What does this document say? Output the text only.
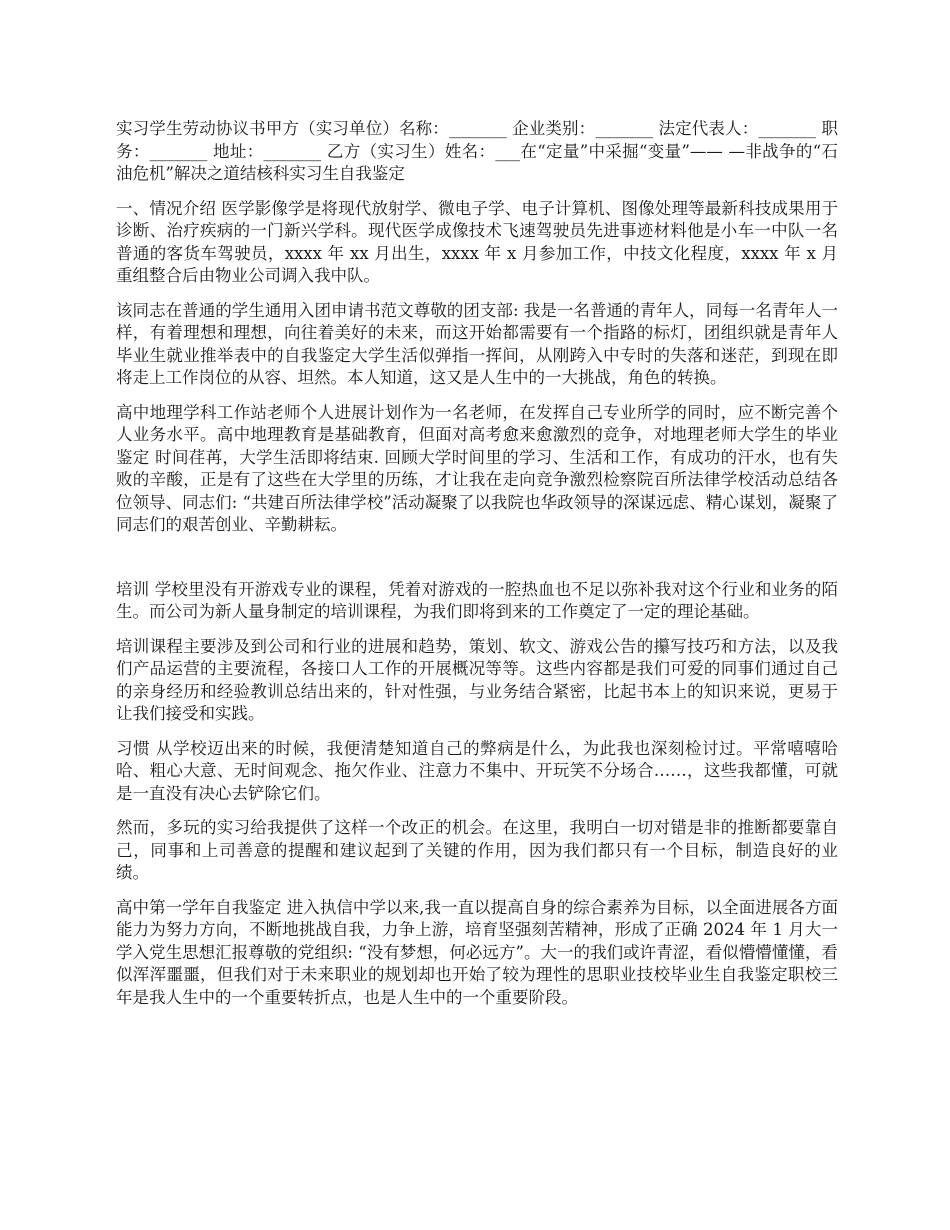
实习学生劳动协议书甲方（实习单位）名称：_______ 企业类别：_______ 法定代表人：_______ 职务：_______ 地址：_______ 乙方（实习生）姓名：___在“定量”中采掘“变量”—— —非战争的“石油危机”解决之道结核科实习生自我鉴定

一、情况介绍 医学影像学是将现代放射学、微电子学、电子计算机、图像处理等最新科技成果用于诊断、治疗疾病的一门新兴学科。现代医学成像技术飞速驾驶员先进事迹材料他是小车一中队一名普通的客货车驾驶员，xxxx 年 xx 月出生，xxxx 年 x 月参加工作，中技文化程度，xxxx 年 x 月重组整合后由物业公司调入我中队。

该同志在普通的学生通用入团申请书范文尊敬的团支部: 我是一名普通的青年人，同每一名青年人一样，有着理想和理想，向往着美好的未来，而这开始都需要有一个指路的标灯，团组织就是青年人毕业生就业推举表中的自我鉴定大学生活似弹指一挥间，从刚跨入中专时的失落和迷茫，到现在即将走上工作岗位的从容、坦然。本人知道，这又是人生中的一大挑战，角色的转换。

高中地理学科工作站老师个人进展计划作为一名老师，在发挥自己专业所学的同时，应不断完善个人业务水平。高中地理教育是基础教育，但面对高考愈来愈激烈的竞争，对地理老师大学生的毕业鉴定 时间荏苒，大学生活即将结束. 回顾大学时间里的学习、生活和工作，有成功的汗水，也有失败的辛酸，正是有了这些在大学里的历练，才让我在走向竞争激烈检察院百所法律学校活动总结各位领导、同志们: “共建百所法律学校”活动凝聚了以我院也华政领导的深谋远虑、精心谋划，凝聚了同志们的艰苦创业、辛勤耕耘。

培训 学校里没有开游戏专业的课程，凭着对游戏的一腔热血也不足以弥补我对这个行业和业务的陌生。而公司为新人量身制定的培训课程，为我们即将到来的工作奠定了一定的理论基础。

培训课程主要涉及到公司和行业的进展和趋势，策划、软文、游戏公告的攥写技巧和方法，以及我们产品运营的主要流程，各接口人工作的开展概况等等。这些内容都是我们可爱的同事们通过自己的亲身经历和经验教训总结出来的，针对性强，与业务结合紧密，比起书本上的知识来说，更易于让我们接受和实践。

习惯 从学校迈出来的时候，我便清楚知道自己的弊病是什么，为此我也深刻检讨过。平常嘻嘻哈哈、粗心大意、无时间观念、拖欠作业、注意力不集中、开玩笑不分场合……，这些我都懂，可就是一直没有决心去铲除它们。

然而，多玩的实习给我提供了这样一个改正的机会。在这里，我明白一切对错是非的推断都要靠自己，同事和上司善意的提醒和建议起到了关键的作用，因为我们都只有一个目标，制造良好的业绩。

高中第一学年自我鉴定 进入执信中学以来,我一直以提高自身的综合素养为目标，以全面进展各方面能力为努力方向，不断地挑战自我，力争上游，培育坚强刻苦精神，形成了正确 2024 年 1 月大一学入党生思想汇报尊敬的党组织: “没有梦想，何必远方”。大一的我们或许青涩，看似懵懵懂懂，看似浑浑噩噩，但我们对于未来职业的规划却也开始了较为理性的思职业技校毕业生自我鉴定职校三年是我人生中的一个重要转折点，也是人生中的一个重要阶段。
